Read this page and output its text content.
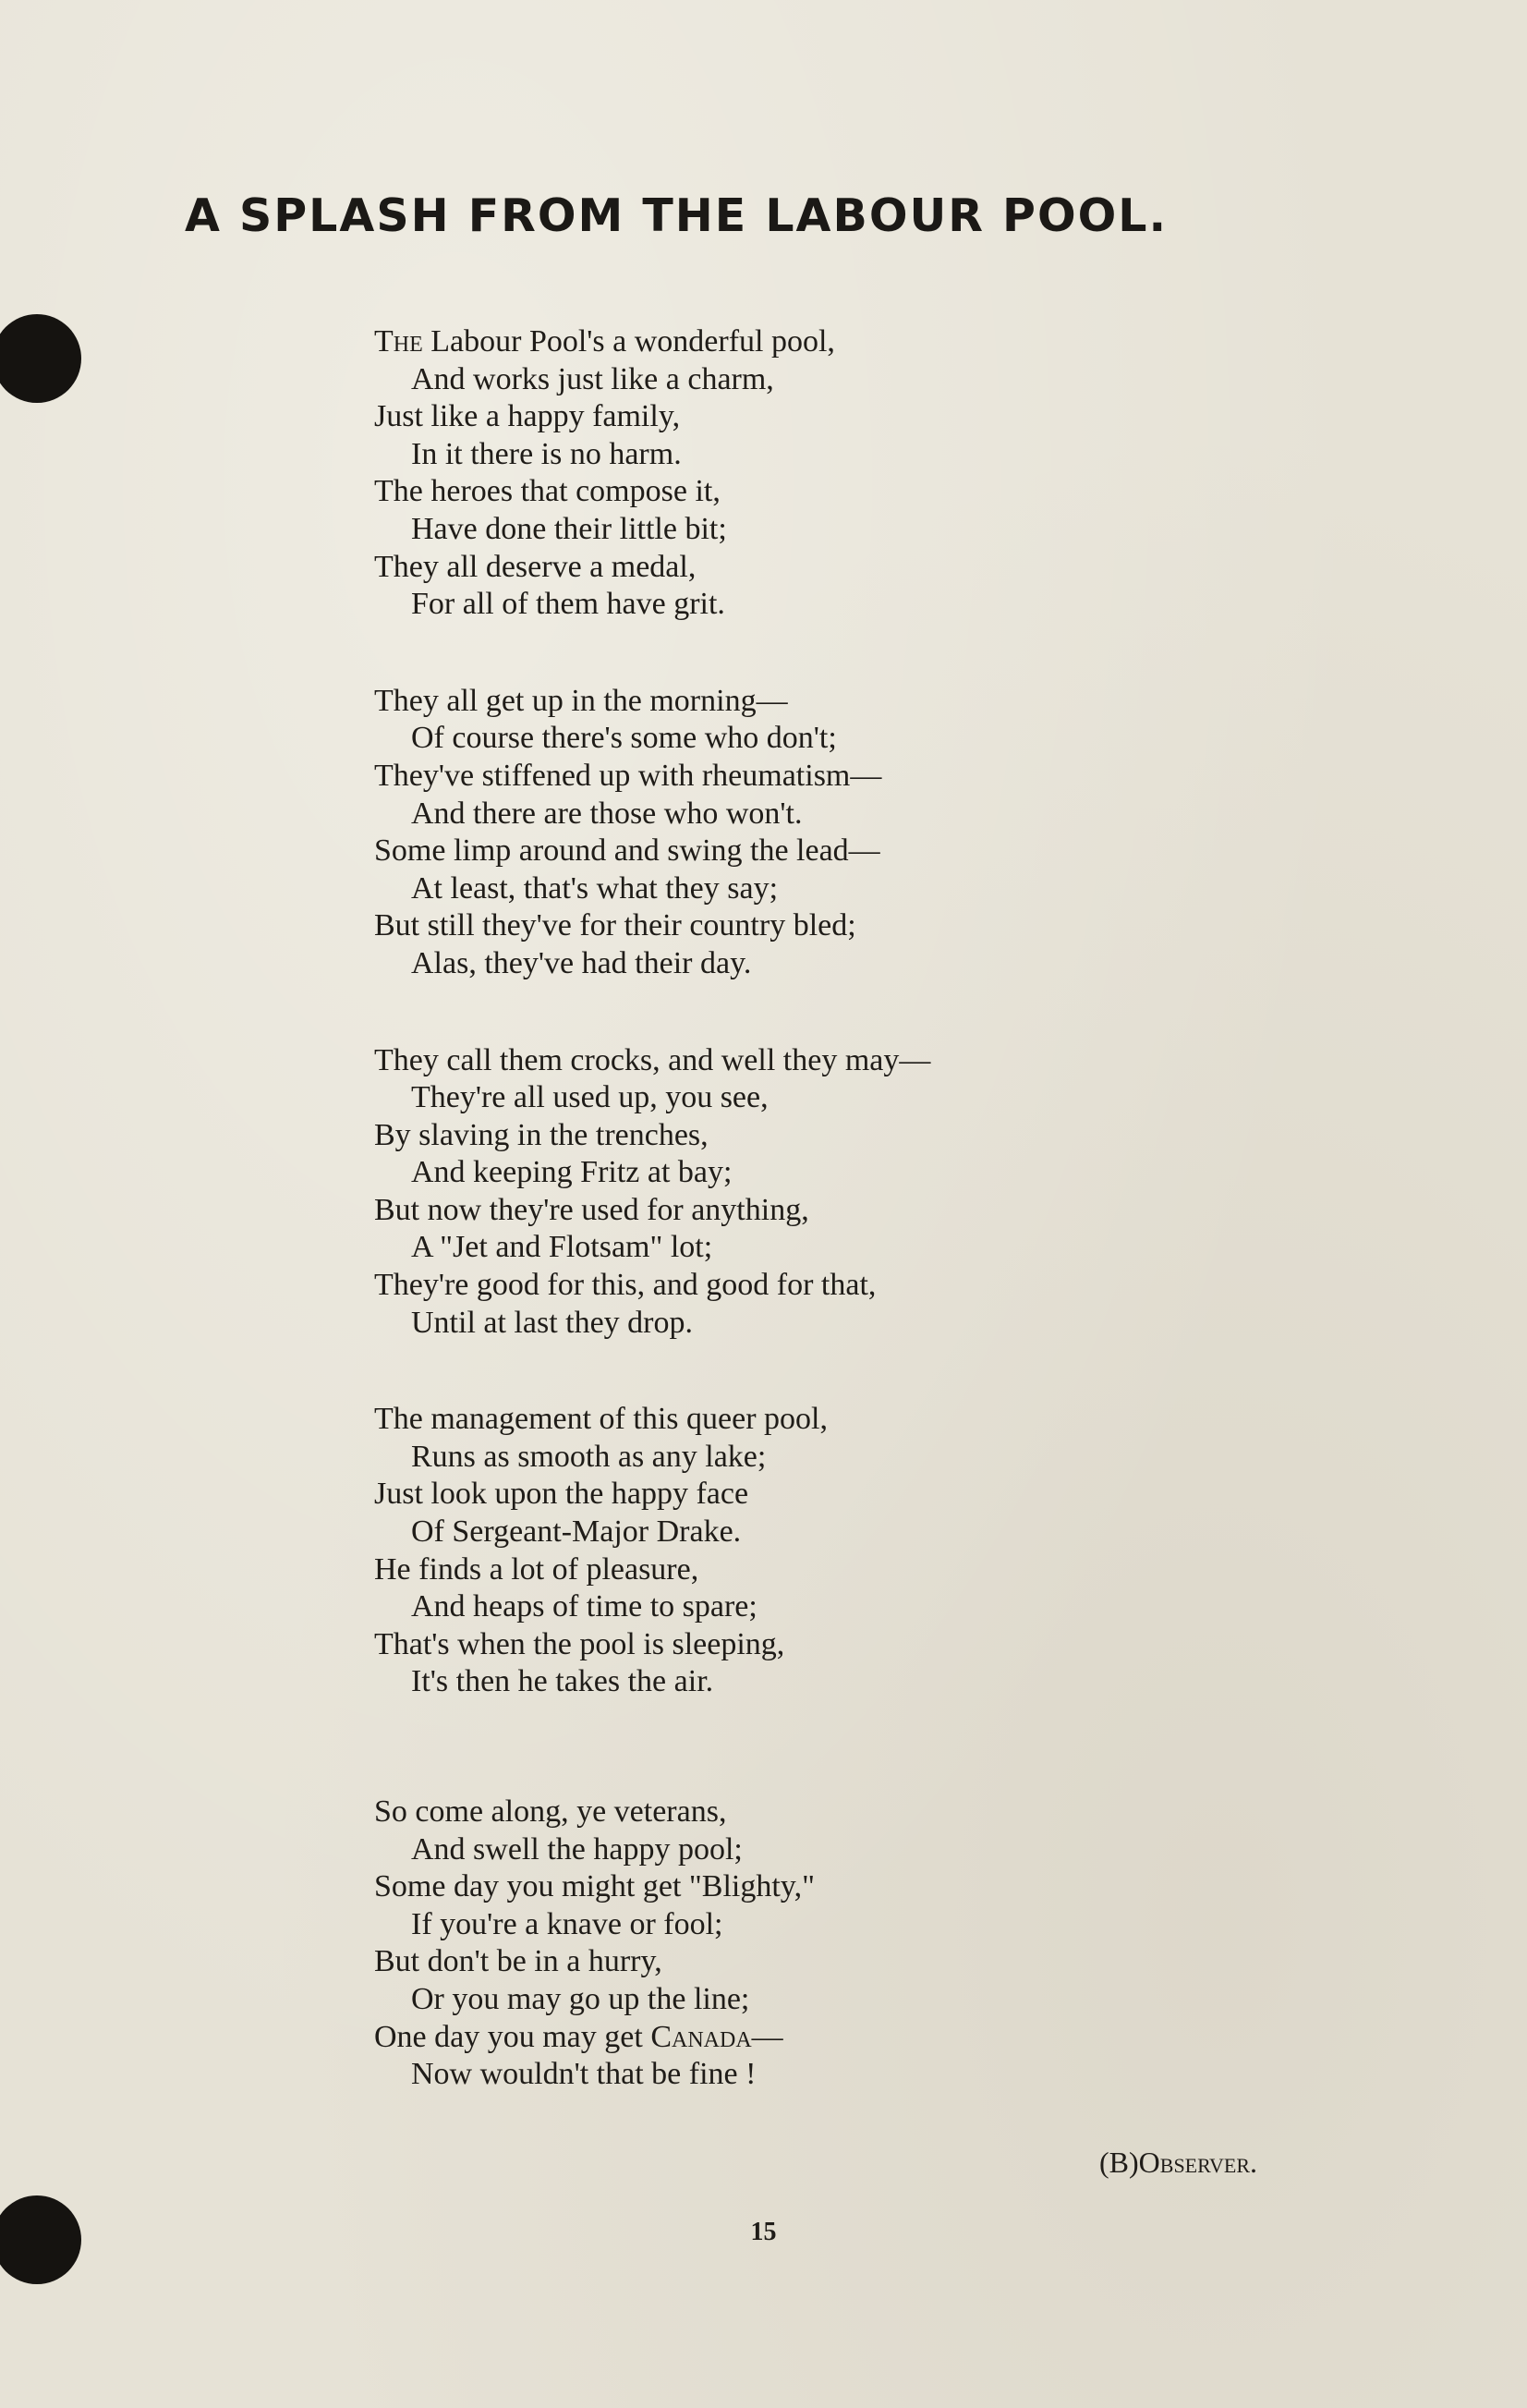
A SPLASH FROM THE LABOUR POOL.
The Labour Pool's a wonderful pool,
And works just like a charm,
Just like a happy family,
In it there is no harm.
The heroes that compose it,
Have done their little bit;
They all deserve a medal,
For all of them have grit.
They all get up in the morning—
Of course there's some who don't;
They've stiffened up with rheumatism—
And there are those who won't.
Some limp around and swing the lead—
At least, that's what they say;
But still they've for their country bled;
Alas, they've had their day.
They call them crocks, and well they may—
They're all used up, you see,
By slaving in the trenches,
And keeping Fritz at bay;
But now they're used for anything,
A "Jet and Flotsam" lot;
They're good for this, and good for that,
Until at last they drop.
The management of this queer pool,
Runs as smooth as any lake;
Just look upon the happy face
Of Sergeant-Major Drake.
He finds a lot of pleasure,
And heaps of time to spare;
That's when the pool is sleeping,
It's then he takes the air.
So come along, ye veterans,
And swell the happy pool;
Some day you might get "Blighty,"
If you're a knave or fool;
But don't be in a hurry,
Or you may go up the line;
One day you may get Canada—
Now wouldn't that be fine !
(B)Observer.
15
